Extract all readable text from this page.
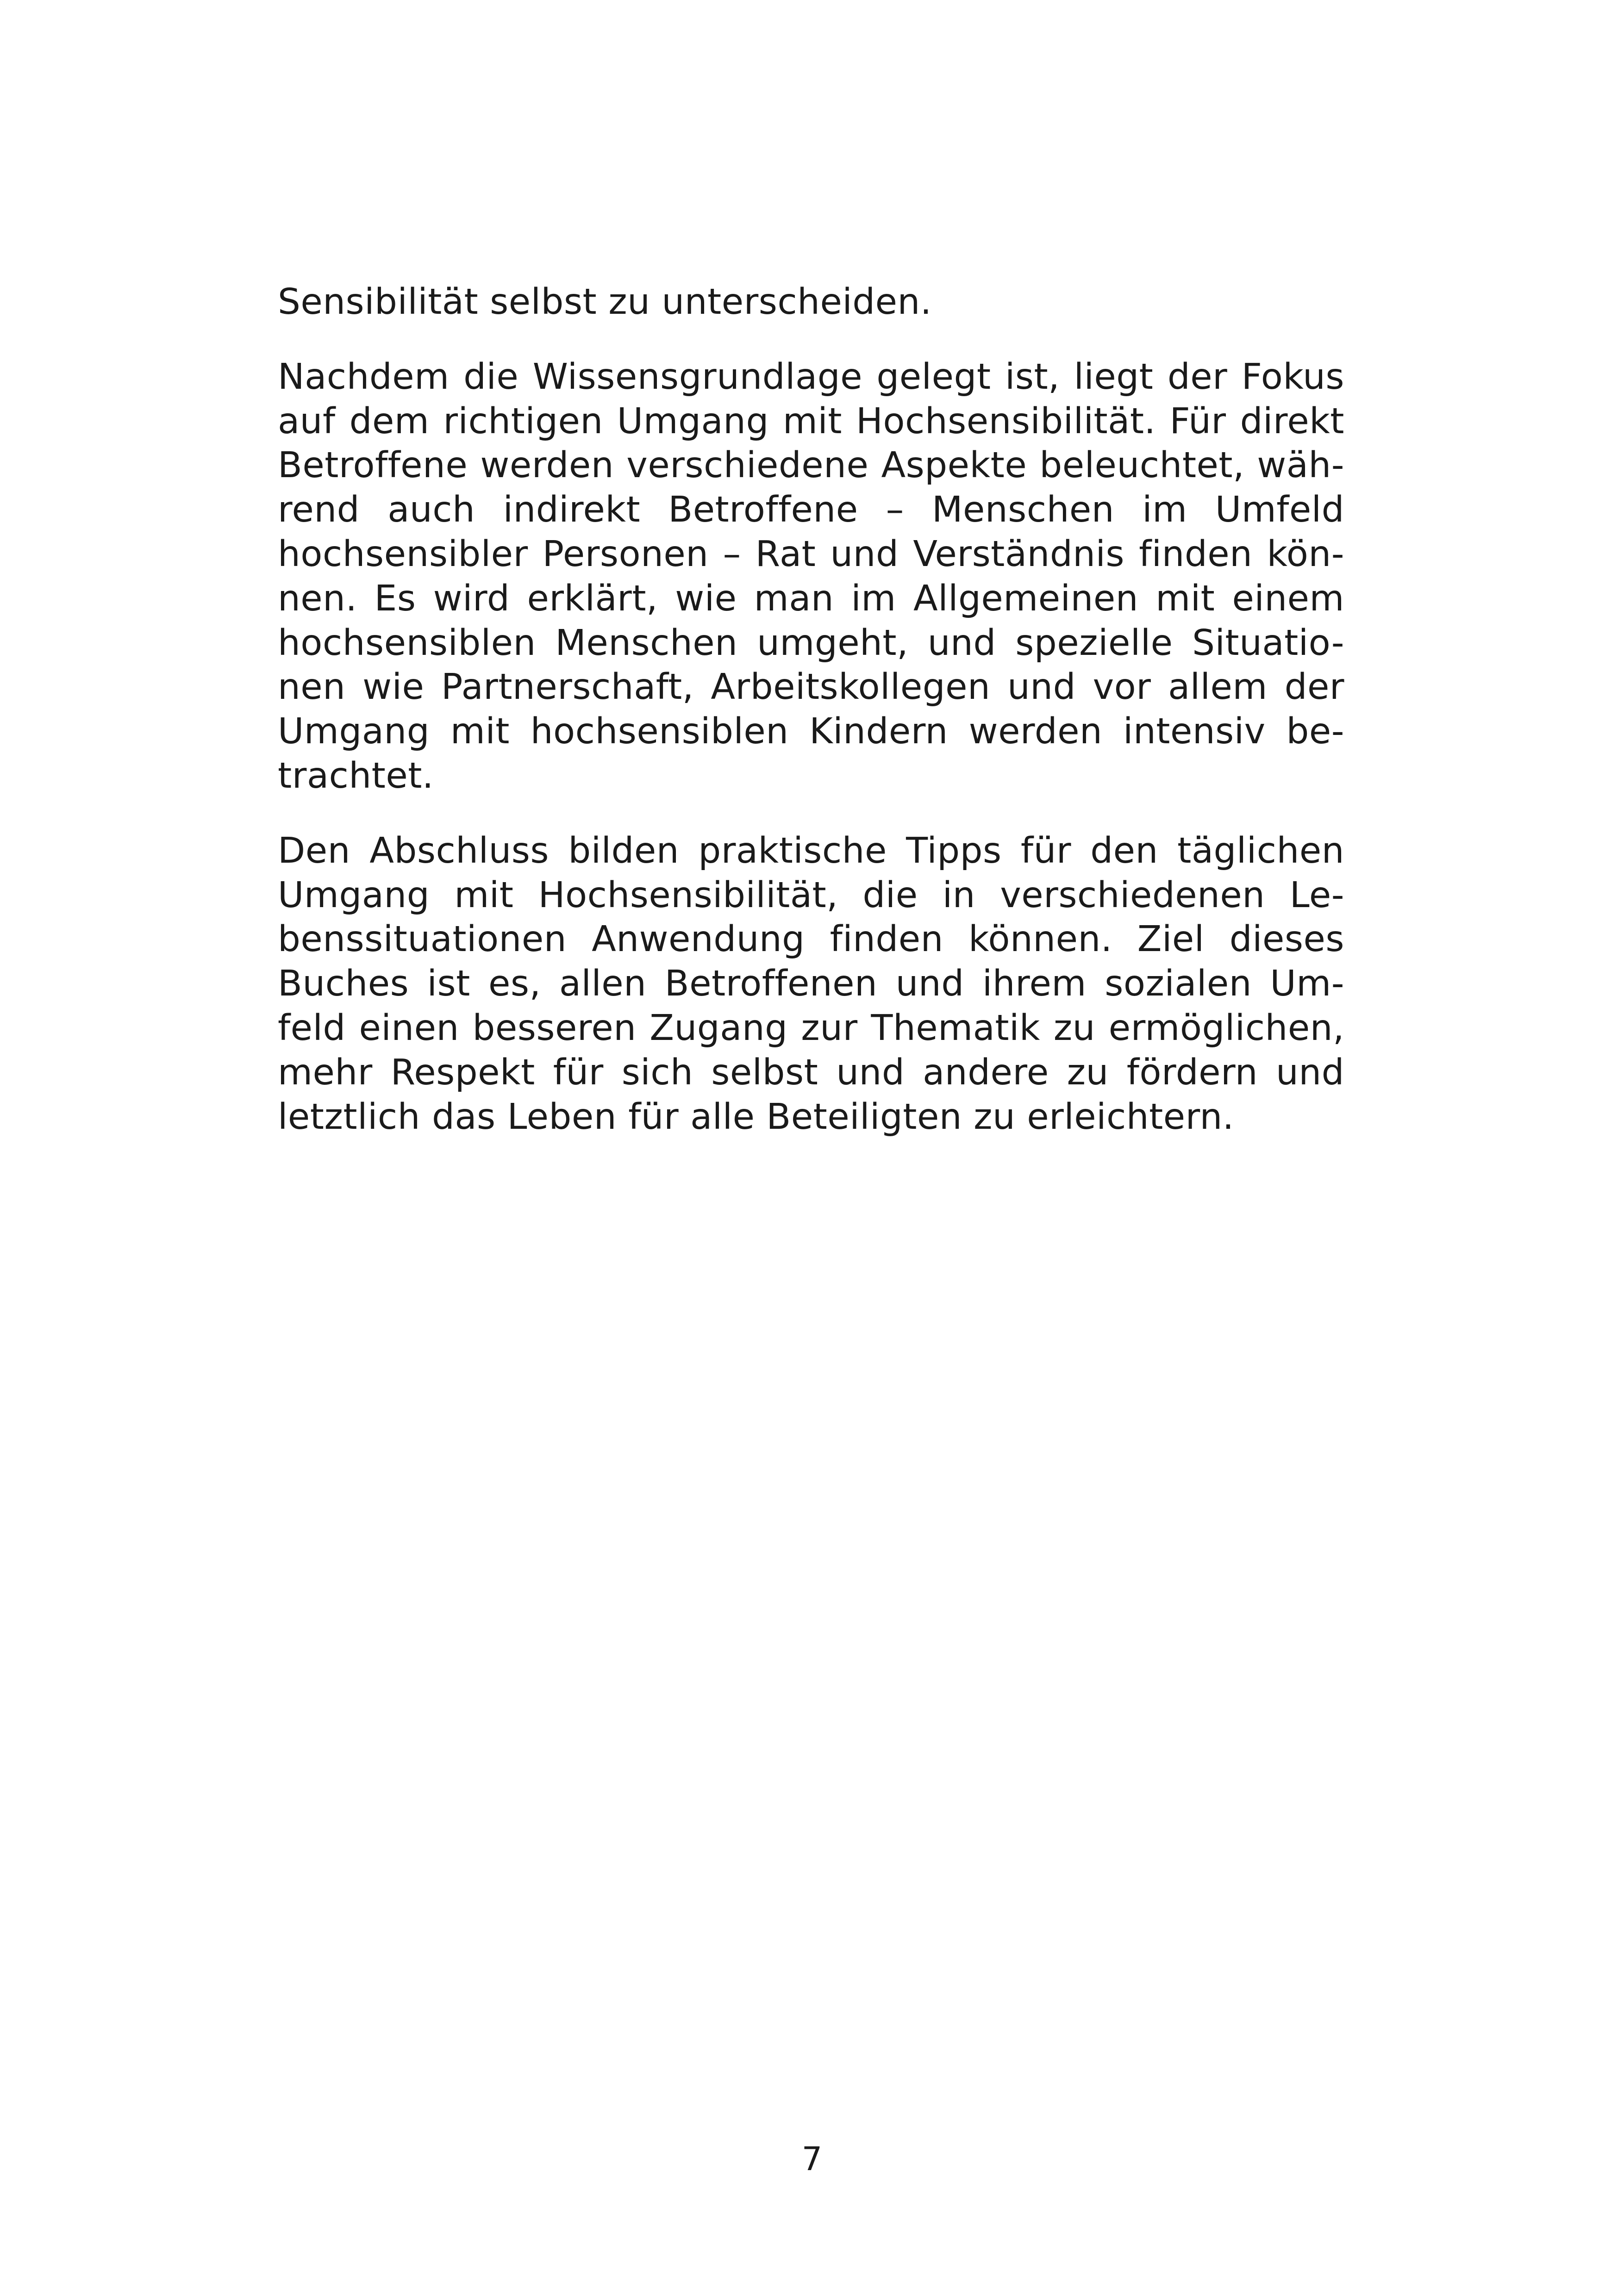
Sensibilität selbst zu unterscheiden.

Nachdem die Wissensgrundlage gelegt ist, liegt der Fokus
auf dem richtigen Umgang mit Hochsensibilität. Für direkt
Betroffene werden verschiedene Aspekte beleuchtet, wäh-
rend auch indirekt Betroffene – Menschen im Umfeld
hochsensibler Personen – Rat und Verständnis finden kön-
nen. Es wird erklärt, wie man im Allgemeinen mit einem
hochsensiblen Menschen umgeht, und spezielle Situatio-
nen wie Partnerschaft, Arbeitskollegen und vor allem der
Umgang mit hochsensiblen Kindern werden intensiv be-
trachtet.

Den Abschluss bilden praktische Tipps für den täglichen
Umgang mit Hochsensibilität, die in verschiedenen Le-
benssituationen Anwendung finden können. Ziel dieses
Buches ist es, allen Betroffenen und ihrem sozialen Um-
feld einen besseren Zugang zur Thematik zu ermöglichen,
mehr Respekt für sich selbst und andere zu fördern und
letztlich das Leben für alle Beteiligten zu erleichtern.

7
